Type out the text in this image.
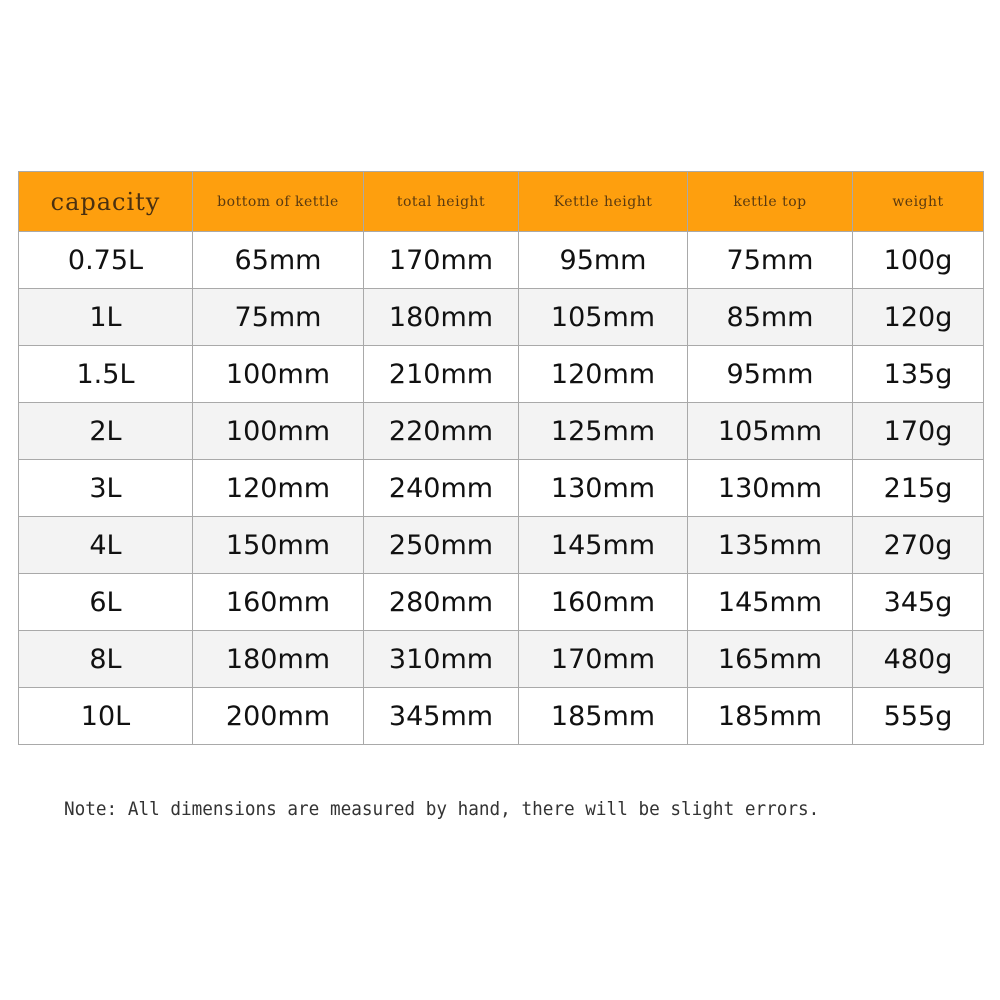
capacity	bottom of kettle	total height	Kettle height	kettle top	weight
0.75L	65mm	170mm	95mm	75mm	100g
1L	75mm	180mm	105mm	85mm	120g
1.5L	100mm	210mm	120mm	95mm	135g
2L	100mm	220mm	125mm	105mm	170g
3L	120mm	240mm	130mm	130mm	215g
4L	150mm	250mm	145mm	135mm	270g
6L	160mm	280mm	160mm	145mm	345g
8L	180mm	310mm	170mm	165mm	480g
10L	200mm	345mm	185mm	185mm	555g
Note: All dimensions are measured by hand, there will be slight errors.
